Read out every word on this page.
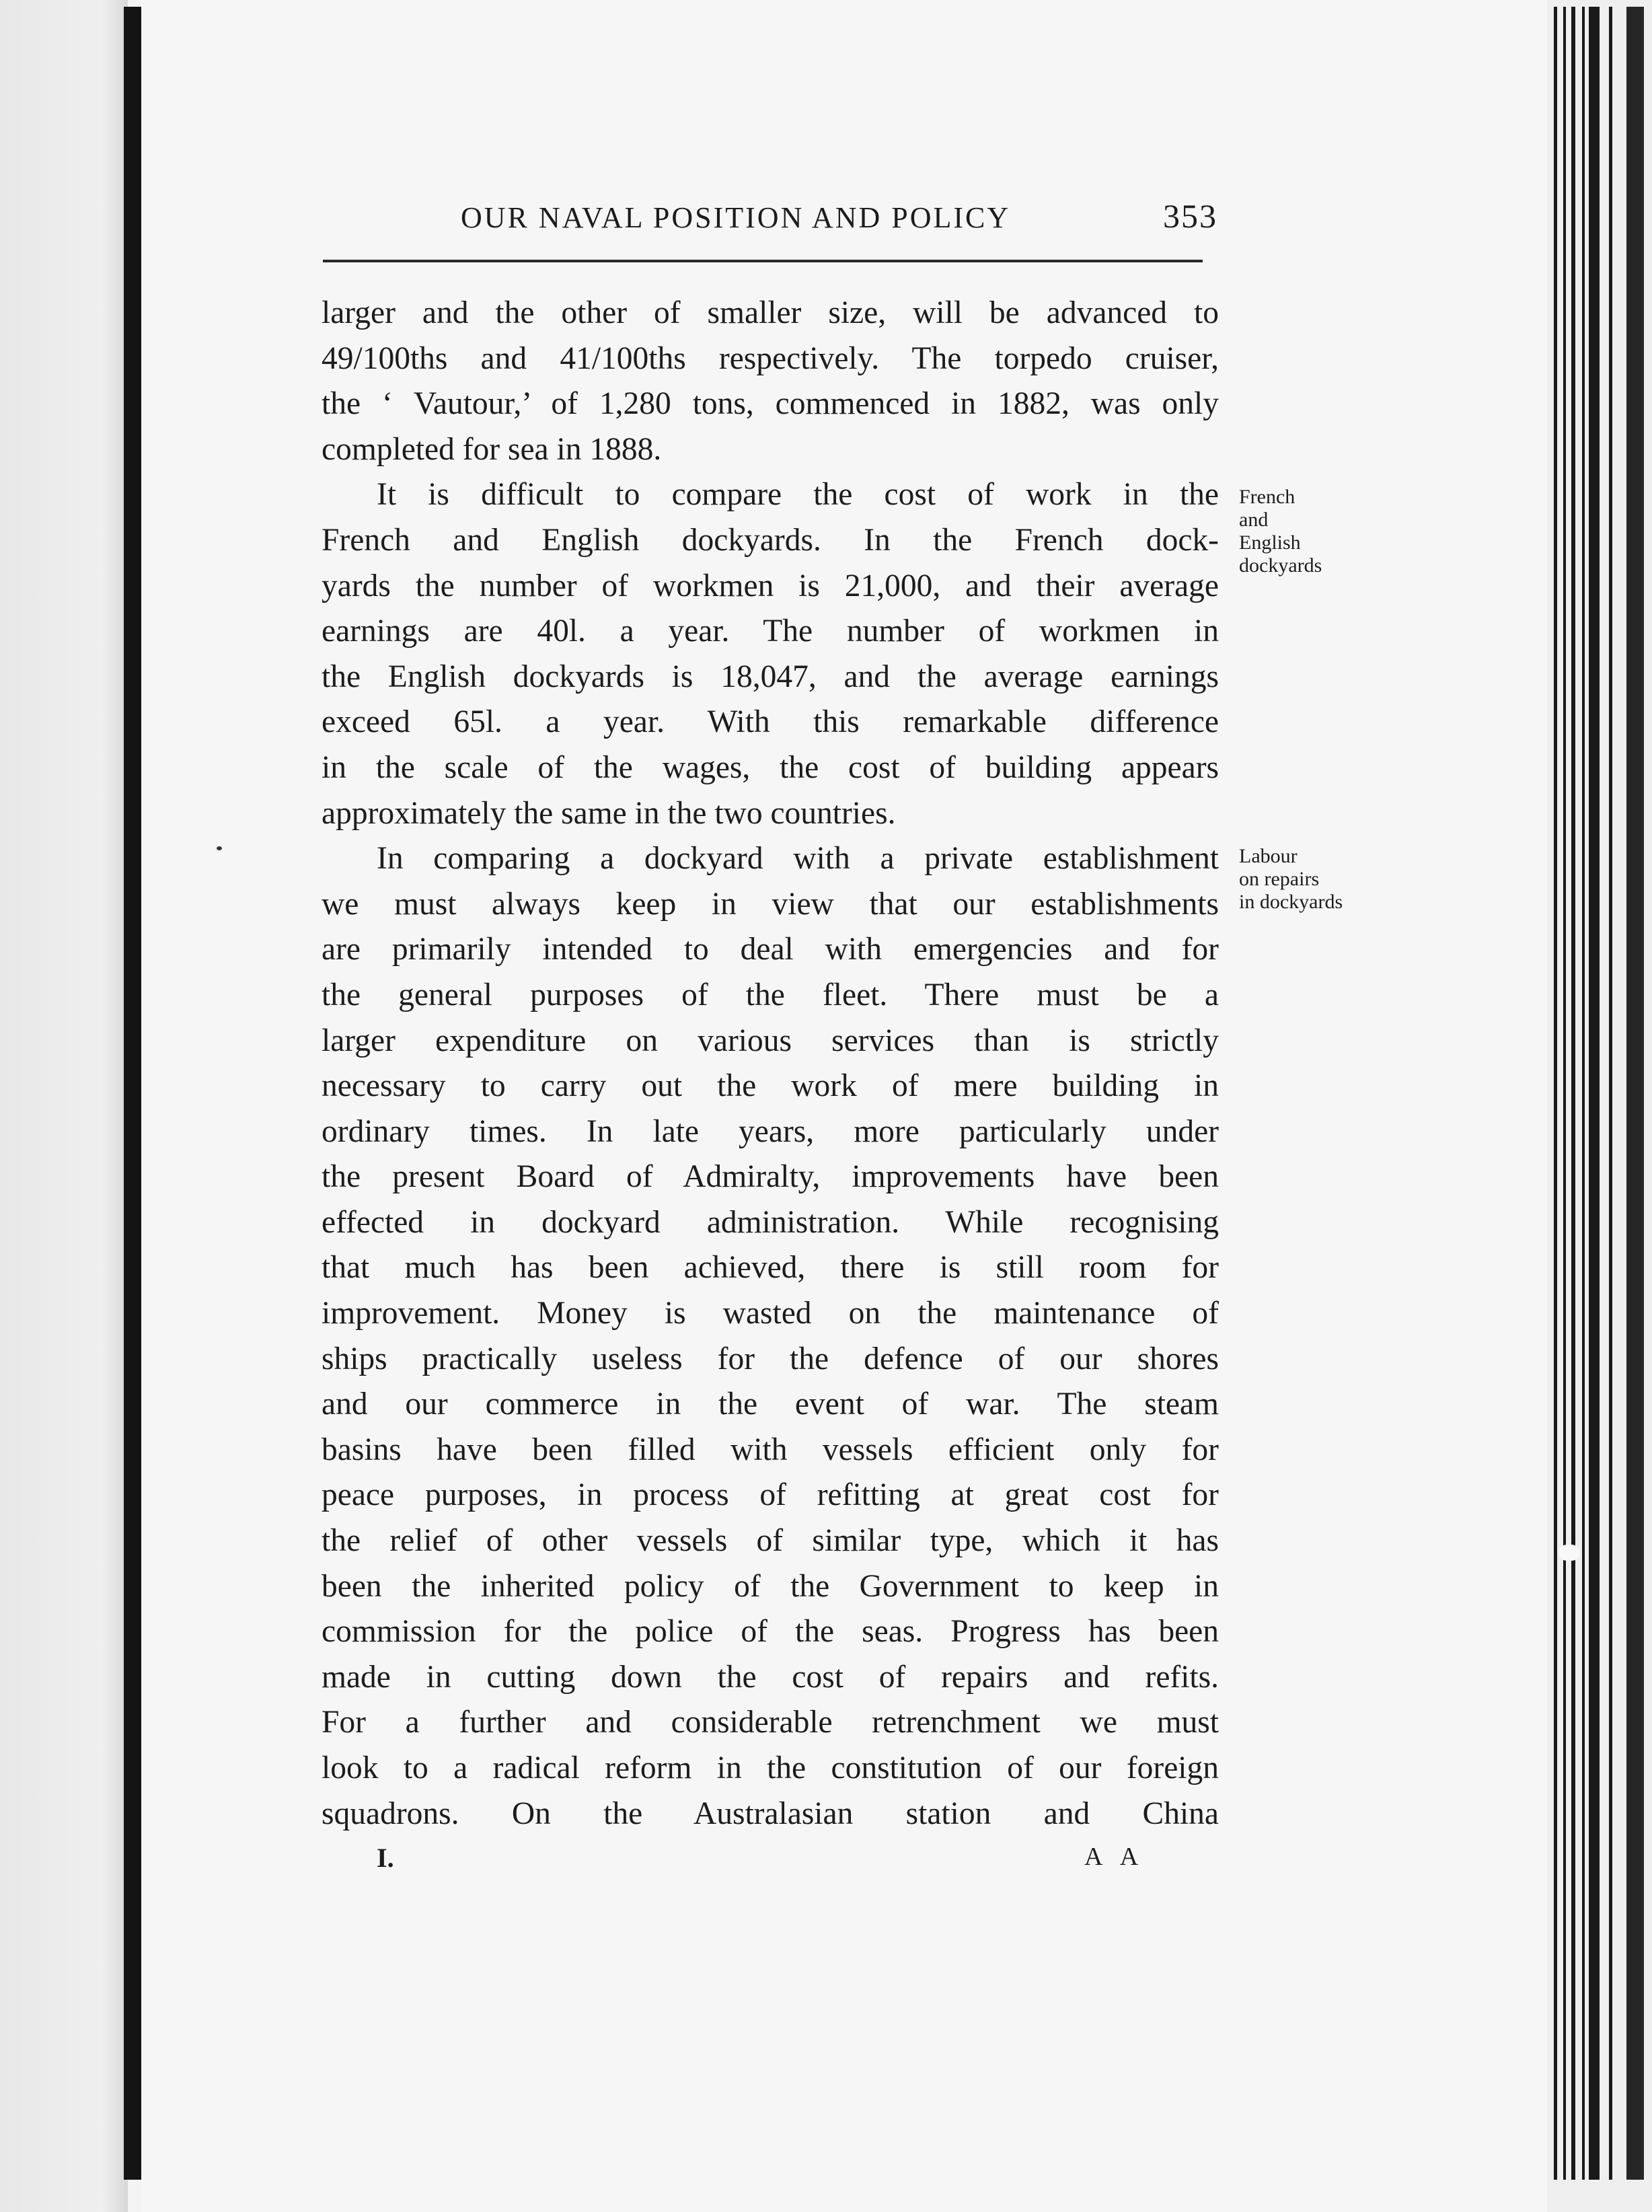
OUR NAVAL POSITION AND POLICY	353
larger and the other of smaller size, will be advanced to
49/100ths and 41/100ths respectively. The torpedo cruiser,
the ‘ Vautour,’ of 1,280 tons, commenced in 1882, was only
completed for sea in 1888.
It is difficult to compare the cost of work in the
French and English dockyards. In the French dock-
yards the number of workmen is 21,000, and their average
earnings are 40l. a year. The number of workmen in
the English dockyards is 18,047, and the average earnings
exceed 65l. a year. With this remarkable difference
in the scale of the wages, the cost of building appears
approximately the same in the two countries.
In comparing a dockyard with a private establishment
we must always keep in view that our establishments
are primarily intended to deal with emergencies and for
the general purposes of the fleet. There must be a
larger expenditure on various services than is strictly
necessary to carry out the work of mere building in
ordinary times. In late years, more particularly under
the present Board of Admiralty, improvements have been
effected in dockyard administration. While recognising
that much has been achieved, there is still room for
improvement. Money is wasted on the maintenance of
ships practically useless for the defence of our shores
and our commerce in the event of war. The steam
basins have been filled with vessels efficient only for
peace purposes, in process of refitting at great cost for
the relief of other vessels of similar type, which it has
been the inherited policy of the Government to keep in
commission for the police of the seas. Progress has been
made in cutting down the cost of repairs and refits.
For a further and considerable retrenchment we must
look to a radical reform in the constitution of our foreign
squadrons. On the Australasian station and China
French
and
English
dockyards
Labour
on repairs
in dockyards
I.	A A
